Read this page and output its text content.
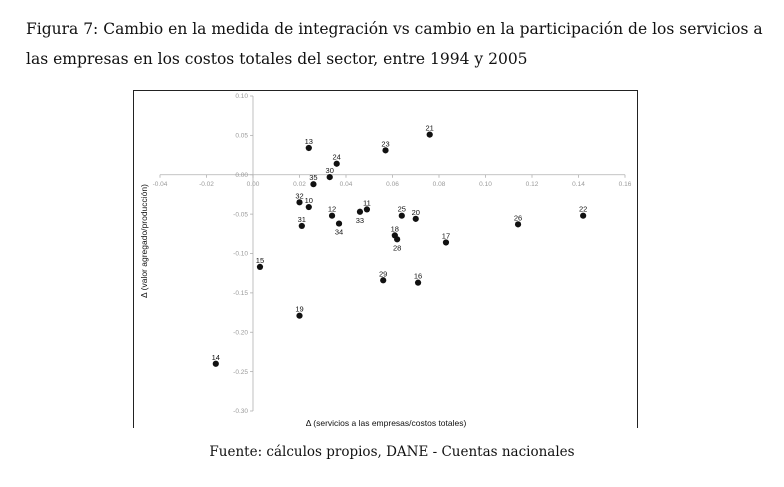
Figura 7: Cambio en la medida de integración vs cambio en la participación de los servicios a las empresas en los costos totales del sector, entre 1994 y 2005
-0.04	-0.02	0.00	0.02	0.04	0.06	0.08	0.10	0.12	0.14	0.16
0.10
0.05
0.00
-0.05
-0.10
-0.15
-0.20
-0.25
-0.30
13	23
21
24
30
35
32
10	11
12
33
25 20
26
22
31
34	18
28
17
15
29	16
19
14
Δ (servicios a las empresas/costos totales)
Δ (valor agregado/producción)
Fuente: cálculos propios, DANE - Cuentas nacionales
